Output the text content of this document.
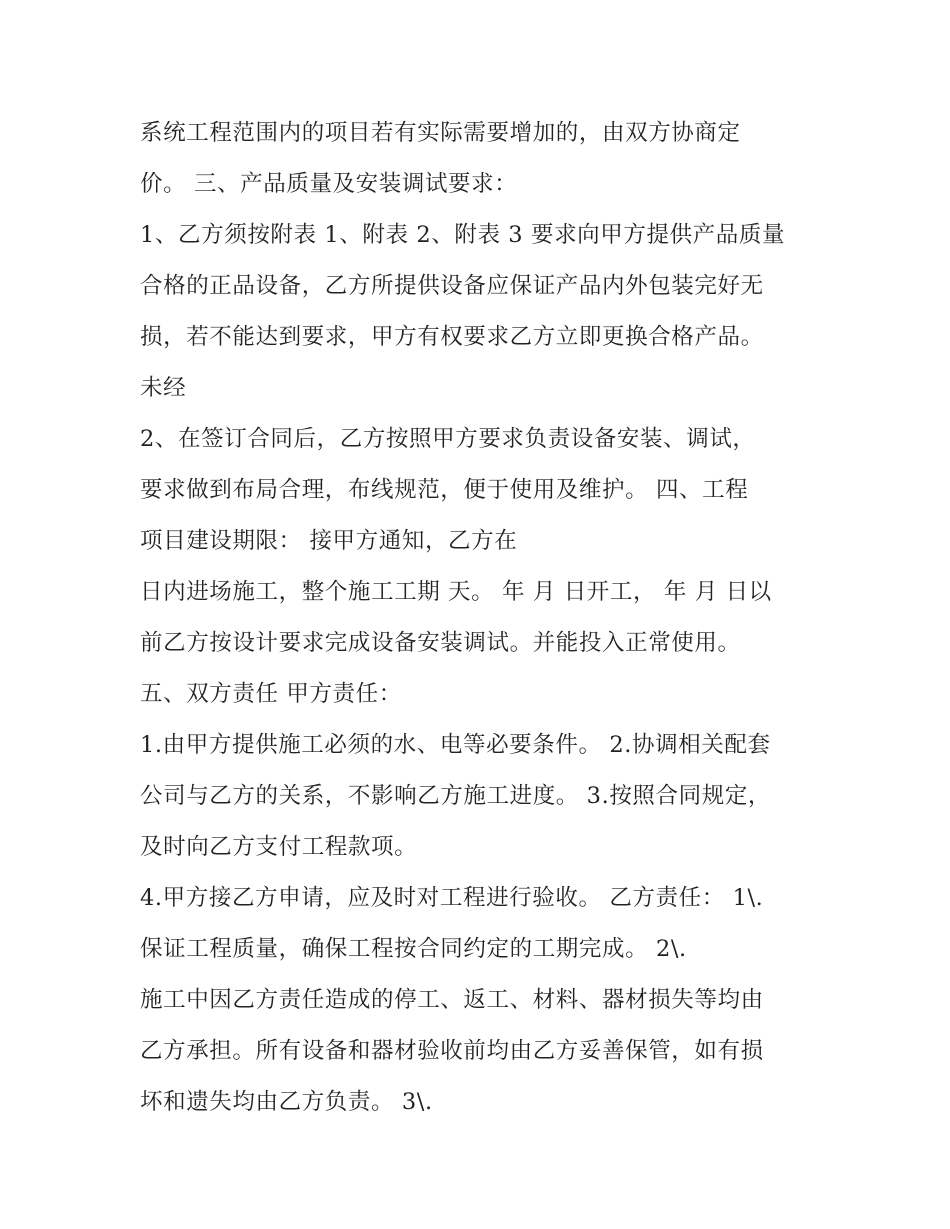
系统工程范围内的项目若有实际需要增加的，由双方协商定

价。 三、产品质量及安装调试要求：

1、乙方须按附表 1、附表 2、附表 3 要求向甲方提供产品质量

合格的正品设备，乙方所提供设备应保证产品内外包装完好无

损，若不能达到要求，甲方有权要求乙方立即更换合格产品。

未经

2、在签订合同后，乙方按照甲方要求负责设备安装、调试，

要求做到布局合理，布线规范，便于使用及维护。 四、工程

项目建设期限： 接甲方通知，乙方在

日内进场施工，整个施工工期 天。 年 月 日开工， 年 月 日以

前乙方按设计要求完成设备安装调试。并能投入正常使用。

五、双方责任 甲方责任：

1.由甲方提供施工必须的水、电等必要条件。 2.协调相关配套

公司与乙方的关系，不影响乙方施工进度。 3.按照合同规定，

及时向乙方支付工程款项。

4.甲方接乙方申请，应及时对工程进行验收。 乙方责任： 1\.

保证工程质量，确保工程按合同约定的工期完成。 2\.

施工中因乙方责任造成的停工、返工、材料、器材损失等均由

乙方承担。所有设备和器材验收前均由乙方妥善保管，如有损

坏和遗失均由乙方负责。 3\.
